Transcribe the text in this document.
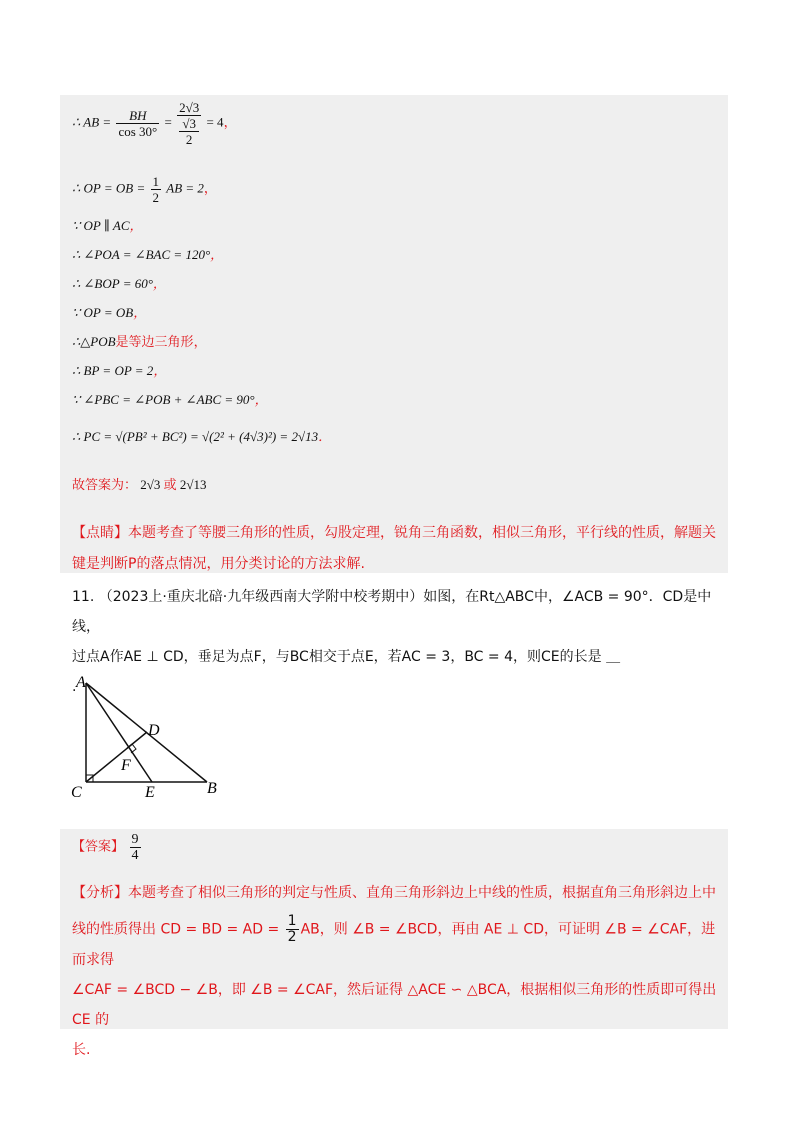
∴ AB = $\frac{BH}{\cos 30^\circ} = 2√3$
√3
2 = 4，
∴ OP = OB = $\frac{1}{2}$ AB = 2，
∵ OP ∥ AC，
∴ ∠POA = ∠BAC = 120°，
∴ ∠BOP = 60°，
∵ OP = OB，
∴△POB是等边三角形，
∴ BP = OP = 2，
∵ ∠PBC = ∠POB + ∠ABC = 90°，
∴ PC = √(PB² + BC²) = √(2² + (4√3)²) = 2√13．
故答案为： 2√3 或 2√13
【点睛】本题考查了等腰三角形的性质，勾股定理，锐角三角函数，相似三角形，平行线的性质，解题关键是判断P的落点情况，用分类讨论的方法求解.
11. （2023上·重庆北碚·九年级西南大学附中校考期中）如图，在Rt△ABC中，∠ACB = 90°．CD是中线，
过点A作AE ⊥ CD，垂足为点F，与BC相交于点E，若AC = 3，BC = 4，则CE的长是 ＿
. A
B
C
D
E
F
【答案】 $\frac{9}{4}$
【分析】本题考查了相似三角形的判定与性质、直角三角形斜边上中线的性质，根据直角三角形斜边上中
线的性质得出 CD = BD = AD = $\frac{1}{2}$ AB，则 ∠B = ∠BCD，再由 AE ⊥ CD，可证明 ∠B = ∠CAF，进而求得
∠CAF = ∠BCD − ∠B，即 ∠B = ∠CAF，然后证得 △ACE ∽ △BCA，根据相似三角形的性质即可得出 CE 的
长.
